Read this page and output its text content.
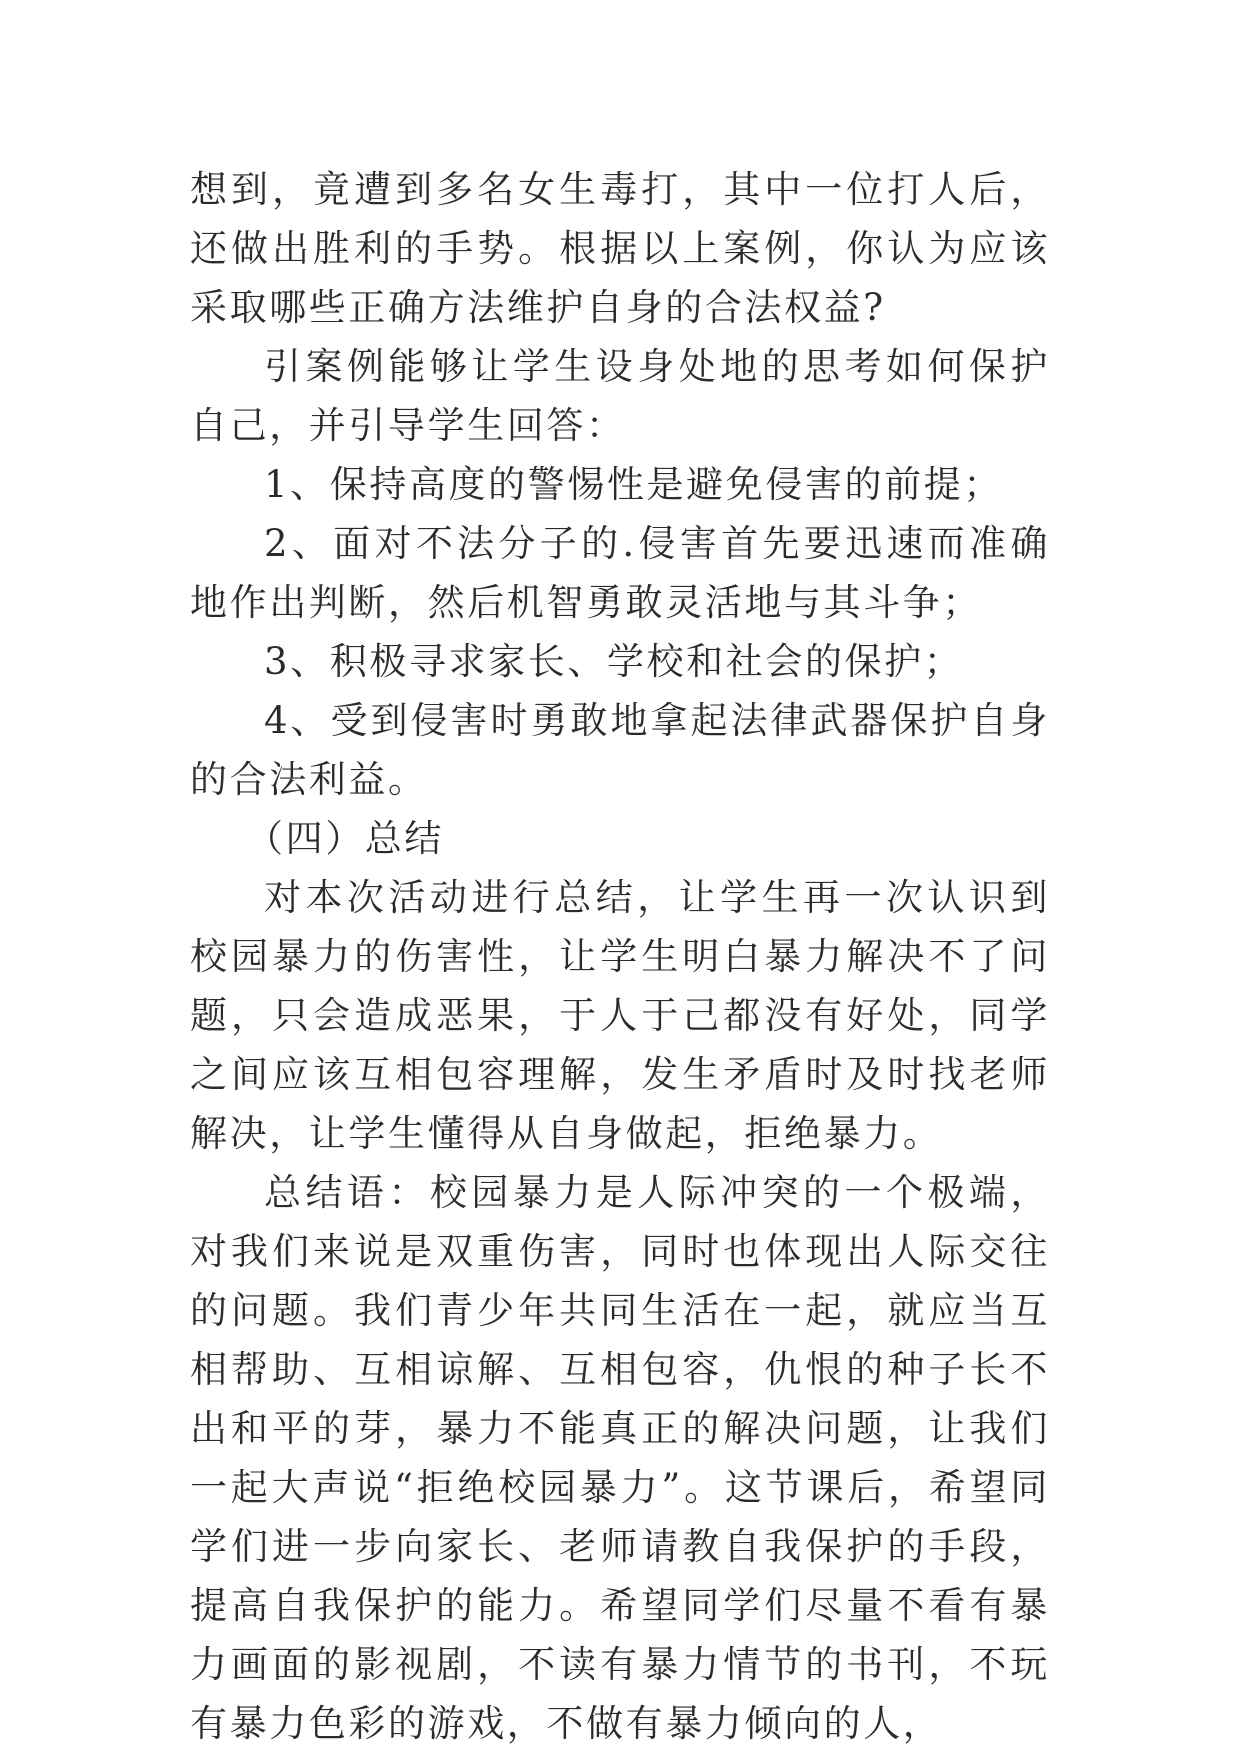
想到，竟遭到多名女生毒打，其中一位打人后，还做出胜利的手势。根据以上案例，你认为应该采取哪些正确方法维护自身的合法权益?

引案例能够让学生设身处地的思考如何保护自己，并引导学生回答：

1、保持高度的警惕性是避免侵害的前提；

2、面对不法分子的.侵害首先要迅速而准确地作出判断，然后机智勇敢灵活地与其斗争；

3、积极寻求家长、学校和社会的保护；

4、受到侵害时勇敢地拿起法律武器保护自身的合法利益。

（四）总结

对本次活动进行总结，让学生再一次认识到校园暴力的伤害性，让学生明白暴力解决不了问题，只会造成恶果，于人于己都没有好处，同学之间应该互相包容理解，发生矛盾时及时找老师解决，让学生懂得从自身做起，拒绝暴力。

总结语：校园暴力是人际冲突的一个极端，对我们来说是双重伤害，同时也体现出人际交往的问题。我们青少年共同生活在一起，就应当互相帮助、互相谅解、互相包容，仇恨的种子长不出和平的芽，暴力不能真正的解决问题，让我们一起大声说“拒绝校园暴力”。这节课后，希望同学们进一步向家长、老师请教自我保护的手段，提高自我保护的能力。希望同学们尽量不看有暴力画面的影视剧，不读有暴力情节的书刊，不玩有暴力色彩的游戏，不做有暴力倾向的人，
